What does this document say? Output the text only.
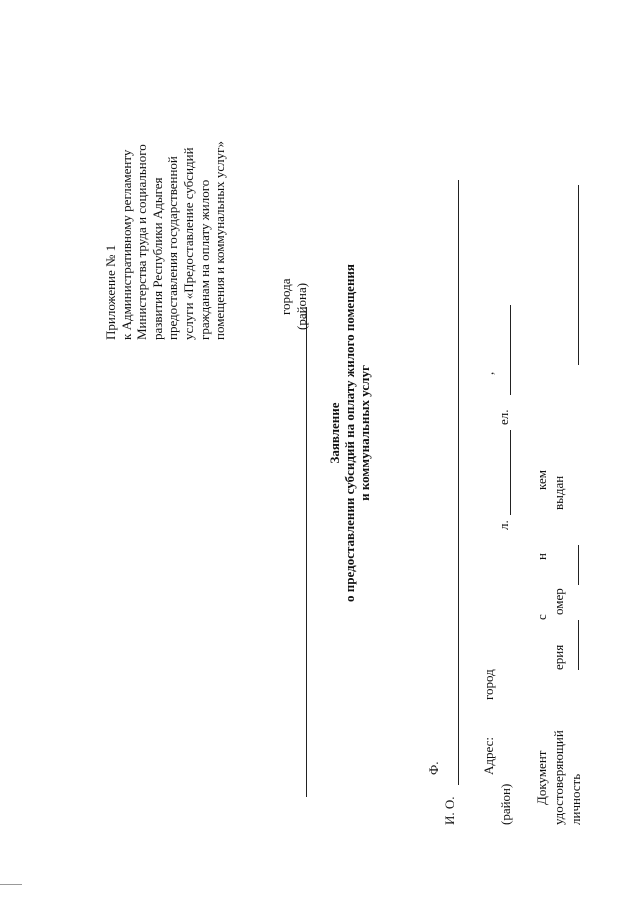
Приложение № 1 к Административному регламенту Министерства труда и социального развития Республики Адыгея предоставления государственной услуги «Предоставление субсидий гражданам на оплату жилого помещения и коммунальных услуг»	города (района)
Заявление о предоставлении субсидий на оплату жилого помещения и коммунальных услуг
Ф.
И. О.
Адрес:
город
(район)
л.
ел.
,
Документ удостоверяющий личность
с
ерия
н
омер
кем выдан
